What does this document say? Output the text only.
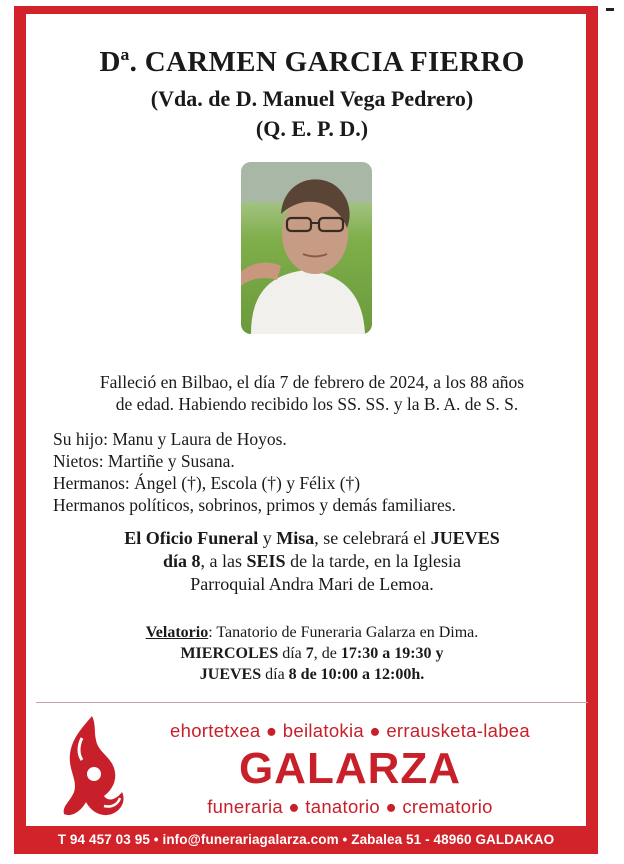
Dª. CARMEN GARCIA FIERRO
(Vda. de D. Manuel Vega Pedrero)
(Q. E. P. D.)
Falleció en Bilbao, el día 7 de febrero de 2024, a los 88 años
de edad. Habiendo recibido los SS. SS. y la B. A. de S. S.
Su hijo: Manu y Laura de Hoyos.
Nietos: Martiñe y Susana.
Hermanos: Ángel (†), Escola (†) y Félix (†)
Hermanos políticos, sobrinos, primos y demás familiares.
El Oficio Funeral y Misa, se celebrará el JUEVES
día 8, a las SEIS de la tarde, en la Iglesia
Parroquial Andra Mari de Lemoa.
Velatorio: Tanatorio de Funeraria Galarza en Dima.
MIERCOLES día 7, de 17:30 a 19:30 y
JUEVES día 8 de 10:00 a 12:00h.
ehortetxea ● beilatokia ● errausketa-labea
GALARZA
funeraria ● tanatorio ● crematorio
T 94 457 03 95 • info@funerariagalarza.com • Zabalea 51 - 48960 GALDAKAO
